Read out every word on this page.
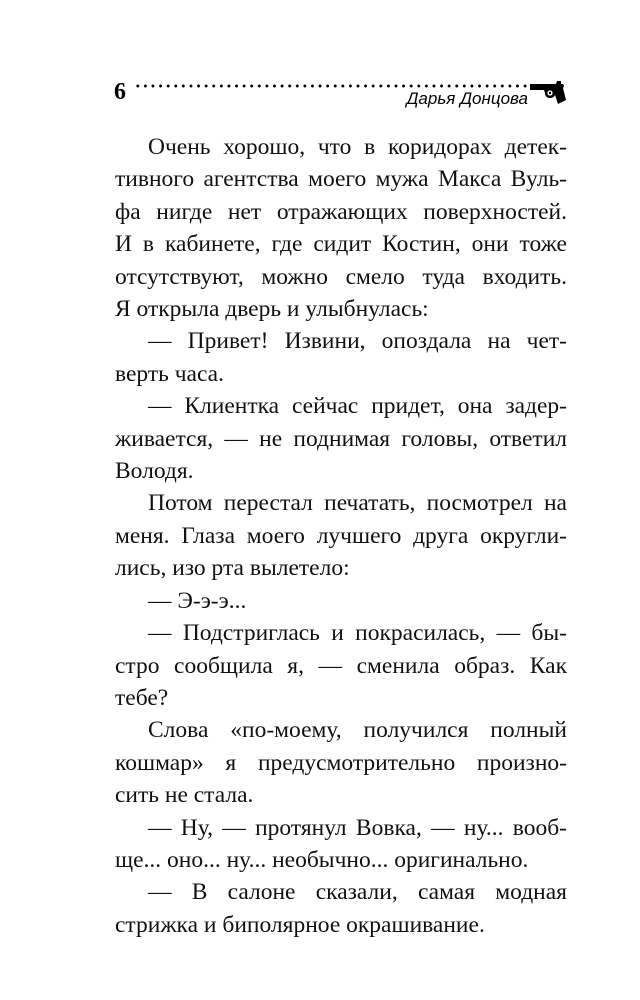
6	Дарья Донцова
Очень хорошо, что в коридорах детек-
тивного агентства моего мужа Макса Вуль-
фа нигде нет отражающих поверхностей.
И в кабинете, где сидит Костин, они тоже
отсутствуют, можно смело туда входить.
Я открыла дверь и улыбнулась:
— Привет! Извини, опоздала на чет-
верть часа.
— Клиентка сейчас придет, она задер-
живается, — не поднимая головы, ответил
Володя.
Потом перестал печатать, посмотрел на
меня. Глаза моего лучшего друга округли-
лись, изо рта вылетело:
— Э-э-э...
— Подстриглась и покрасилась, — бы-
стро сообщила я, — сменила образ. Как
тебе?
Слова «по-моему, получился полный
кошмар» я предусмотрительно произно-
сить не стала.
— Ну, — протянул Вовка, — ну... вооб-
ще... оно... ну... необычно... оригинально.
— В салоне сказали, самая модная
стрижка и биполярное окрашивание.
